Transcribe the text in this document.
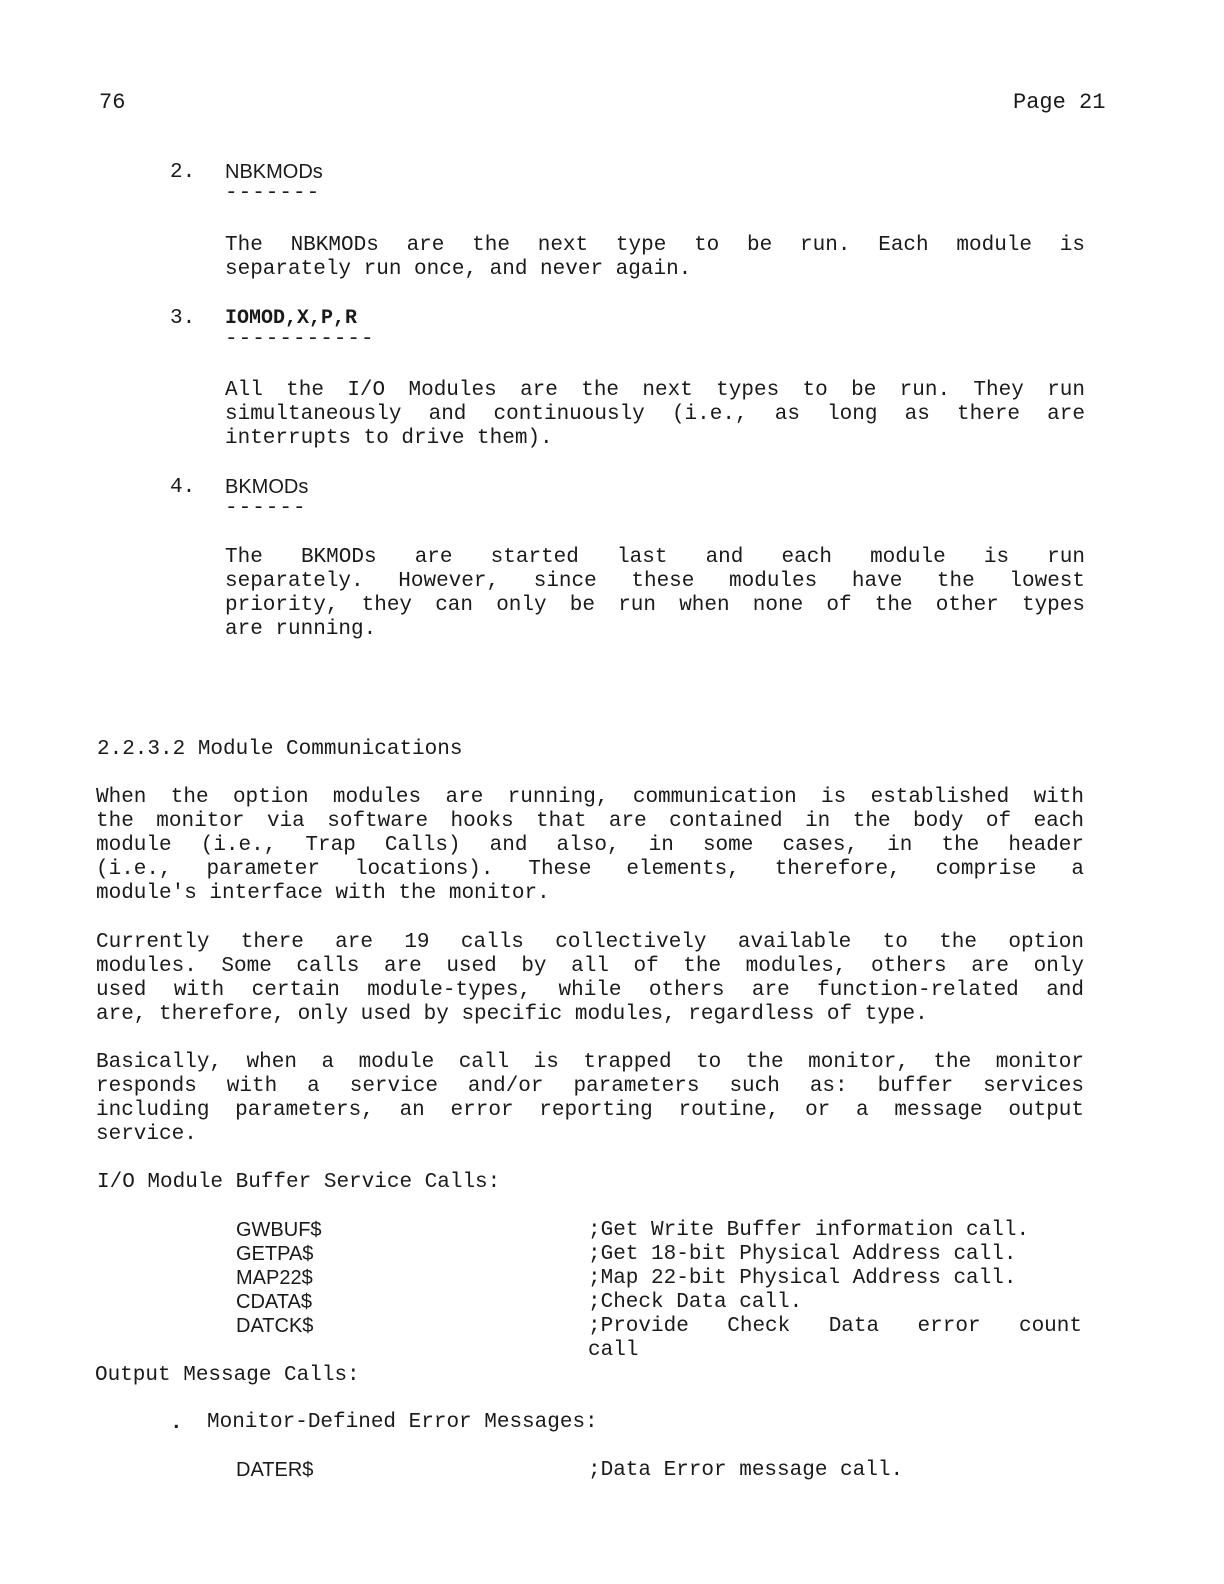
76	Page 21
2. NBKMODs
-------
The NBKMODs are the next type to be run. Each module is
separately run once, and never again.
3. IOMOD,X,P,R
-----------
All the I/O Modules are the next types to be run. They run
simultaneously and continuously (i.e., as long as there are
interrupts to drive them).
4. BKMODs
------
The BKMODs are started last and each module is run
separately. However, since these modules have the lowest
priority, they can only be run when none of the other types
are running.
2.2.3.2 Module Communications
When the option modules are running, communication is established with
the monitor via software hooks that are contained in the body of each
module (i.e., Trap Calls) and also, in some cases, in the header
(i.e., parameter locations). These elements, therefore, comprise a
module's interface with the monitor.
Currently there are 19 calls collectively available to the option
modules. Some calls are used by all of the modules, others are only
used with certain module-types, while others are function-related and
are, therefore, only used by specific modules, regardless of type.
Basically, when a module call is trapped to the monitor, the monitor
responds with a service and/or parameters such as: buffer services
including parameters, an error reporting routine, or a message output
service.
I/O Module Buffer Service Calls:
GWBUF$	;Get Write Buffer information call.
GETPA$	;Get 18-bit Physical Address call.
MAP22$	;Map 22-bit Physical Address call.
CDATA$	;Check Data call.
DATCK$	;Provide Check Data error count
call
Output Message Calls:
. Monitor-Defined Error Messages:
DATER$	;Data Error message call.
